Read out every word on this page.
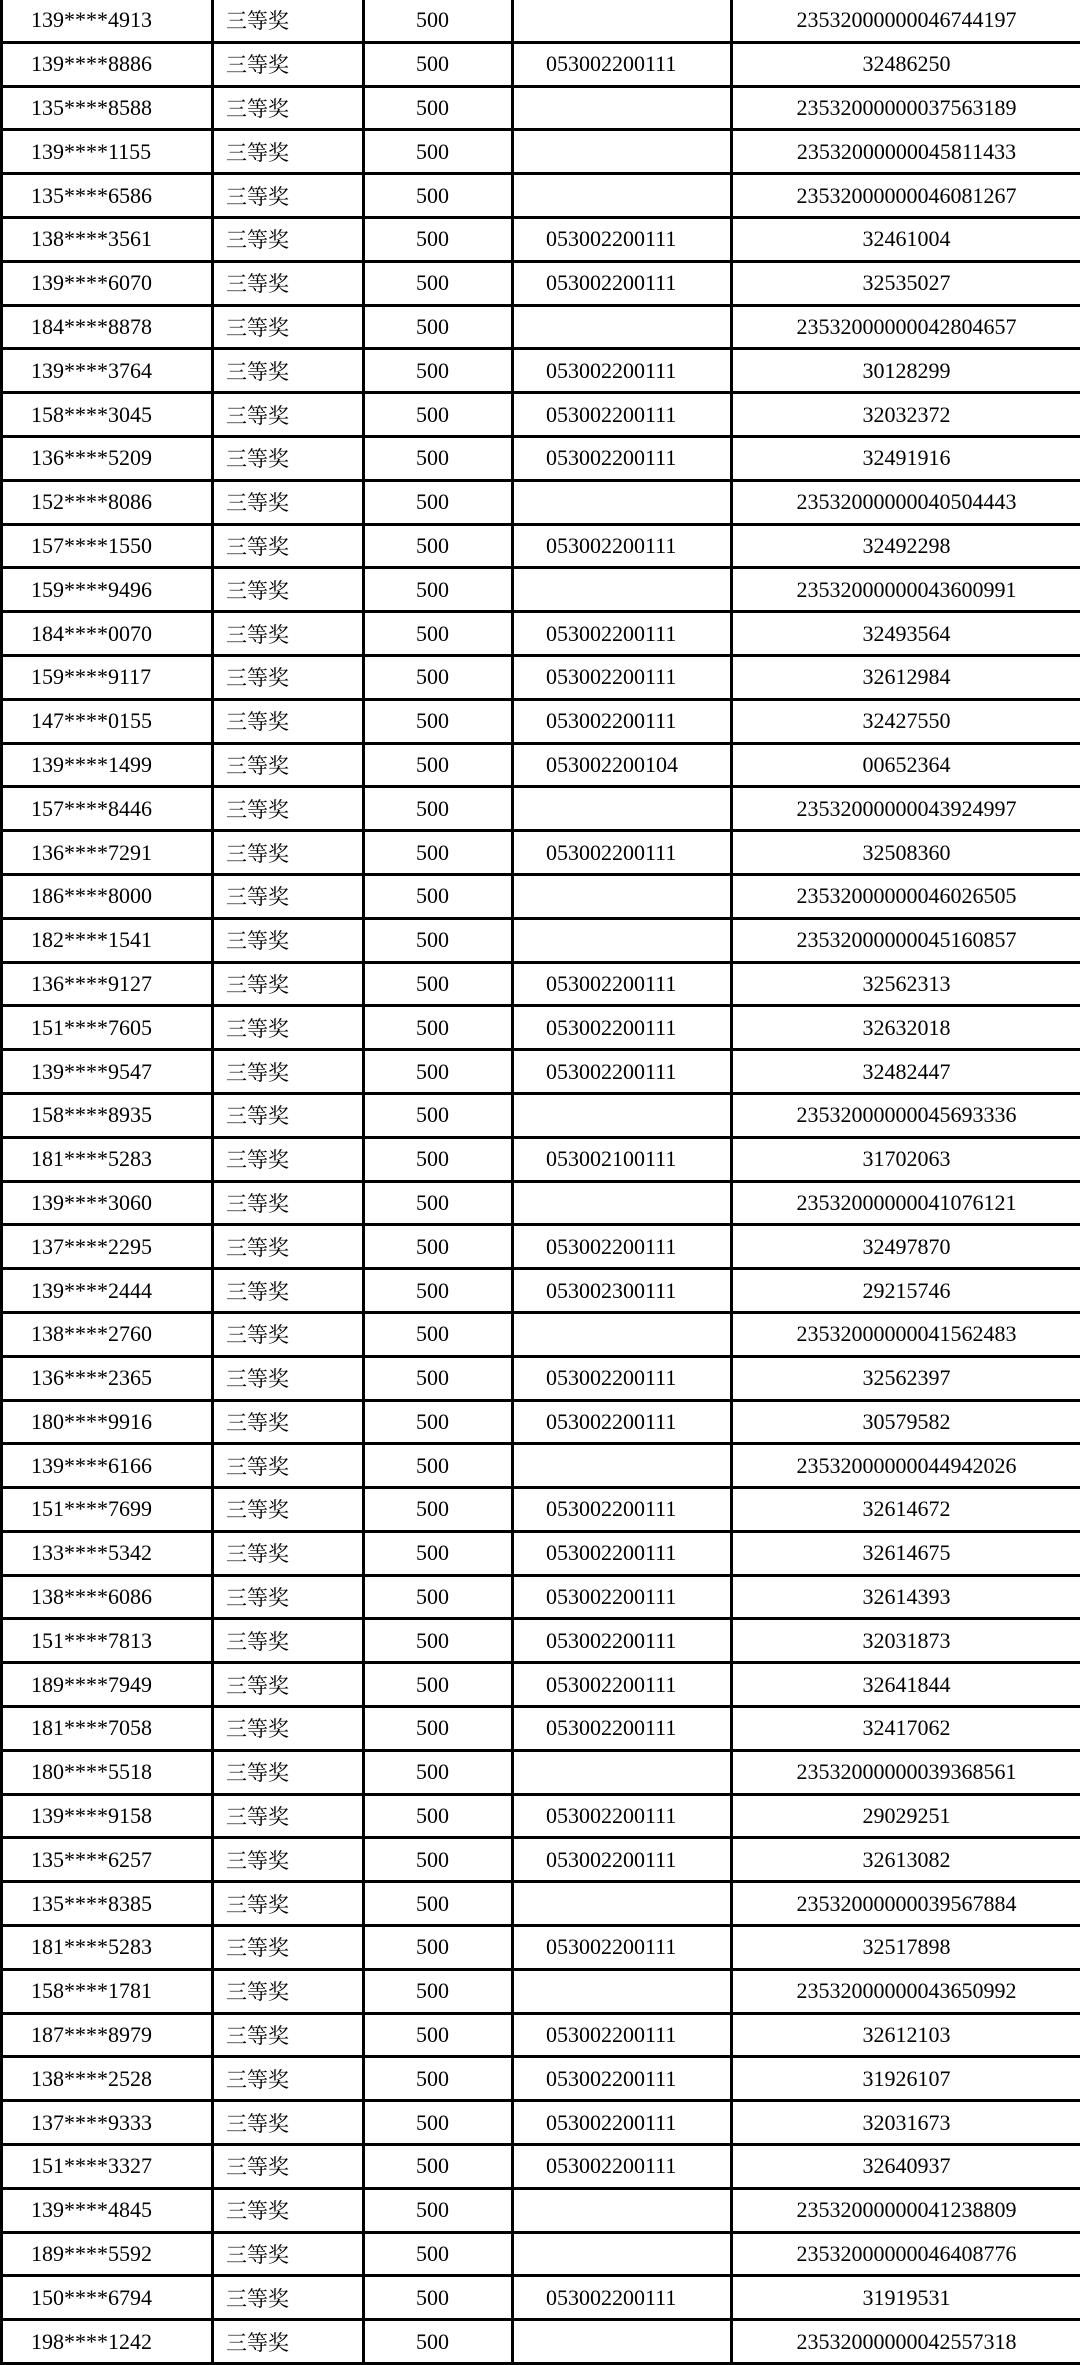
139****4913	三等奖	500		23532000000046744197
139****8886	三等奖	500	053002200111	32486250
135****8588	三等奖	500		23532000000037563189
139****1155	三等奖	500		23532000000045811433
135****6586	三等奖	500		23532000000046081267
138****3561	三等奖	500	053002200111	32461004
139****6070	三等奖	500	053002200111	32535027
184****8878	三等奖	500		23532000000042804657
139****3764	三等奖	500	053002200111	30128299
158****3045	三等奖	500	053002200111	32032372
136****5209	三等奖	500	053002200111	32491916
152****8086	三等奖	500		23532000000040504443
157****1550	三等奖	500	053002200111	32492298
159****9496	三等奖	500		23532000000043600991
184****0070	三等奖	500	053002200111	32493564
159****9117	三等奖	500	053002200111	32612984
147****0155	三等奖	500	053002200111	32427550
139****1499	三等奖	500	053002200104	00652364
157****8446	三等奖	500		23532000000043924997
136****7291	三等奖	500	053002200111	32508360
186****8000	三等奖	500		23532000000046026505
182****1541	三等奖	500		23532000000045160857
136****9127	三等奖	500	053002200111	32562313
151****7605	三等奖	500	053002200111	32632018
139****9547	三等奖	500	053002200111	32482447
158****8935	三等奖	500		23532000000045693336
181****5283	三等奖	500	053002100111	31702063
139****3060	三等奖	500		23532000000041076121
137****2295	三等奖	500	053002200111	32497870
139****2444	三等奖	500	053002300111	29215746
138****2760	三等奖	500		23532000000041562483
136****2365	三等奖	500	053002200111	32562397
180****9916	三等奖	500	053002200111	30579582
139****6166	三等奖	500		23532000000044942026
151****7699	三等奖	500	053002200111	32614672
133****5342	三等奖	500	053002200111	32614675
138****6086	三等奖	500	053002200111	32614393
151****7813	三等奖	500	053002200111	32031873
189****7949	三等奖	500	053002200111	32641844
181****7058	三等奖	500	053002200111	32417062
180****5518	三等奖	500		23532000000039368561
139****9158	三等奖	500	053002200111	29029251
135****6257	三等奖	500	053002200111	32613082
135****8385	三等奖	500		23532000000039567884
181****5283	三等奖	500	053002200111	32517898
158****1781	三等奖	500		23532000000043650992
187****8979	三等奖	500	053002200111	32612103
138****2528	三等奖	500	053002200111	31926107
137****9333	三等奖	500	053002200111	32031673
151****3327	三等奖	500	053002200111	32640937
139****4845	三等奖	500		23532000000041238809
189****5592	三等奖	500		23532000000046408776
150****6794	三等奖	500	053002200111	31919531
198****1242	三等奖	500		23532000000042557318
